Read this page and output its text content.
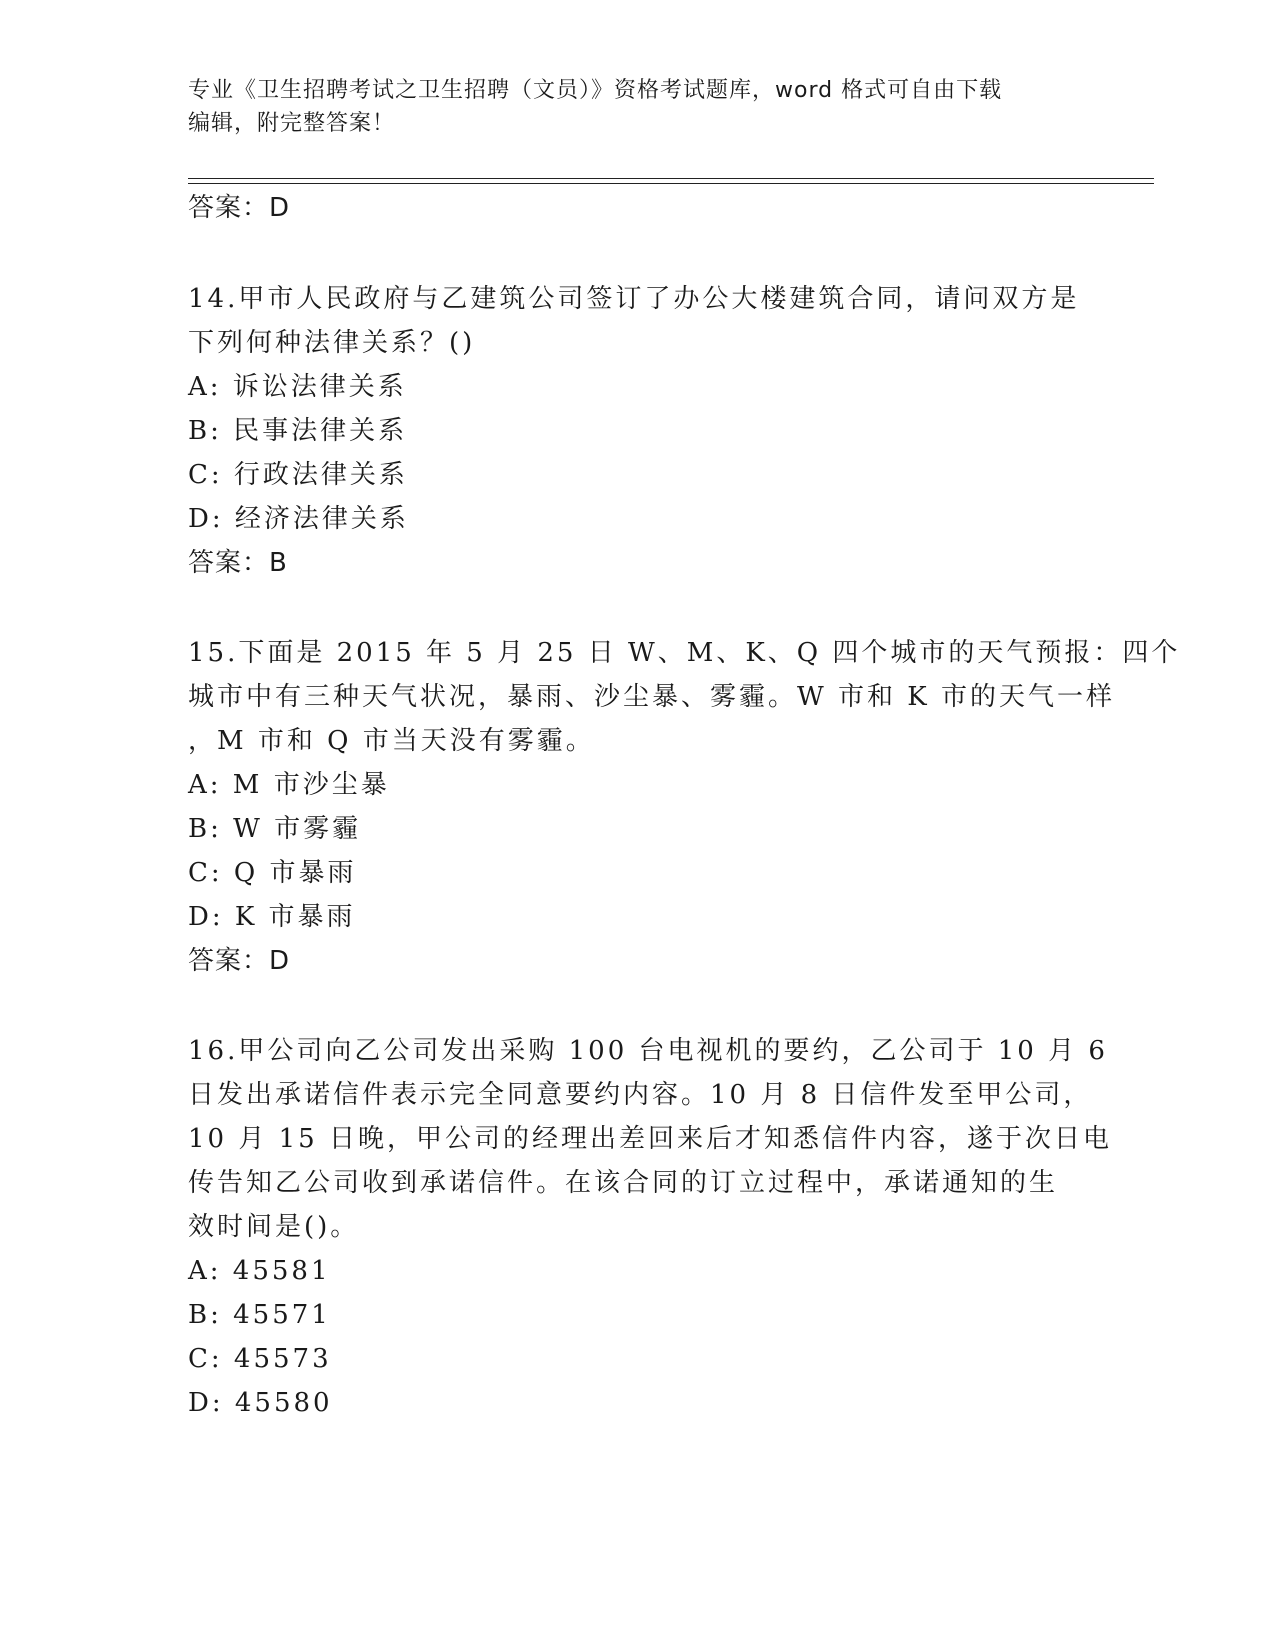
专业《卫生招聘考试之卫生招聘（文员）》资格考试题库，word 格式可自由下载
编辑，附完整答案！
答案：D
14.甲市人民政府与乙建筑公司签订了办公大楼建筑合同，请问双方是
下列何种法律关系？()
A: 诉讼法律关系
B: 民事法律关系
C: 行政法律关系
D: 经济法律关系
答案：B
15.下面是 2015 年 5 月 25 日 W、M、K、Q 四个城市的天气预报：四个
城市中有三种天气状况，暴雨、沙尘暴、雾霾。W 市和 K 市的天气一样
，M 市和 Q 市当天没有雾霾。
A: M 市沙尘暴
B: W 市雾霾
C: Q 市暴雨
D: K 市暴雨
答案：D
16.甲公司向乙公司发出采购 100 台电视机的要约，乙公司于 10 月 6
日发出承诺信件表示完全同意要约内容。10 月 8 日信件发至甲公司，
10 月 15 日晚，甲公司的经理出差回来后才知悉信件内容，遂于次日电
传告知乙公司收到承诺信件。在该合同的订立过程中，承诺通知的生
效时间是()。
A: 45581
B: 45571
C: 45573
D: 45580
